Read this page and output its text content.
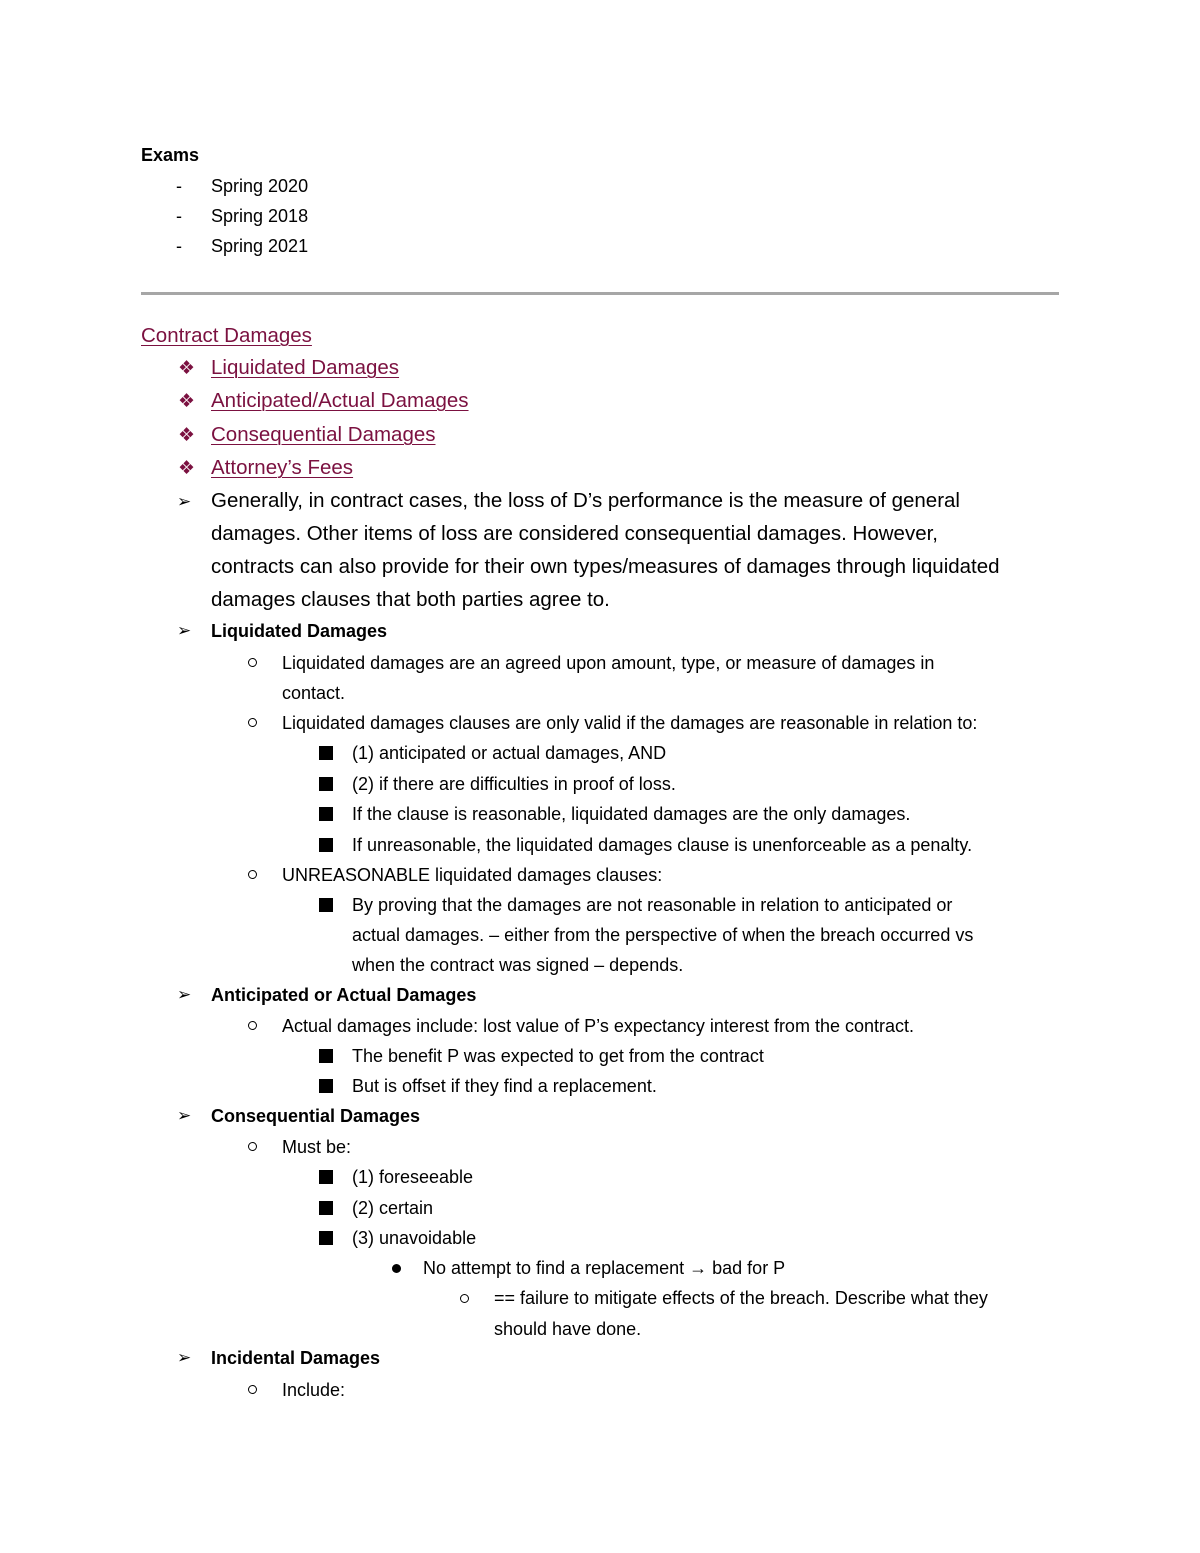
Exams
- Spring 2020
- Spring 2018
- Spring 2021
Contract Damages
❖ Liquidated Damages
❖ Anticipated/Actual Damages
❖ Consequential Damages
❖ Attorney’s Fees
➢ Generally, in contract cases, the loss of D’s performance is the measure of general
damages. Other items of loss are considered consequential damages. However,
contracts can also provide for their own types/measures of damages through liquidated
damages clauses that both parties agree to.
➢ Liquidated Damages
Liquidated damages are an agreed upon amount, type, or measure of damages in
contact.
Liquidated damages clauses are only valid if the damages are reasonable in relation to:
(1) anticipated or actual damages, AND
(2) if there are difficulties in proof of loss.
If the clause is reasonable, liquidated damages are the only damages.
If unreasonable, the liquidated damages clause is unenforceable as a penalty.
UNREASONABLE liquidated damages clauses:
By proving that the damages are not reasonable in relation to anticipated or
actual damages. – either from the perspective of when the breach occurred vs
when the contract was signed – depends.
➢ Anticipated or Actual Damages
Actual damages include: lost value of P’s expectancy interest from the contract.
The benefit P was expected to get from the contract
But is offset if they find a replacement.
➢ Consequential Damages
Must be:
(1) foreseeable
(2) certain
(3) unavoidable
No attempt to find a replacement → bad for P
== failure to mitigate effects of the breach. Describe what they
should have done.
➢ Incidental Damages
Include:
